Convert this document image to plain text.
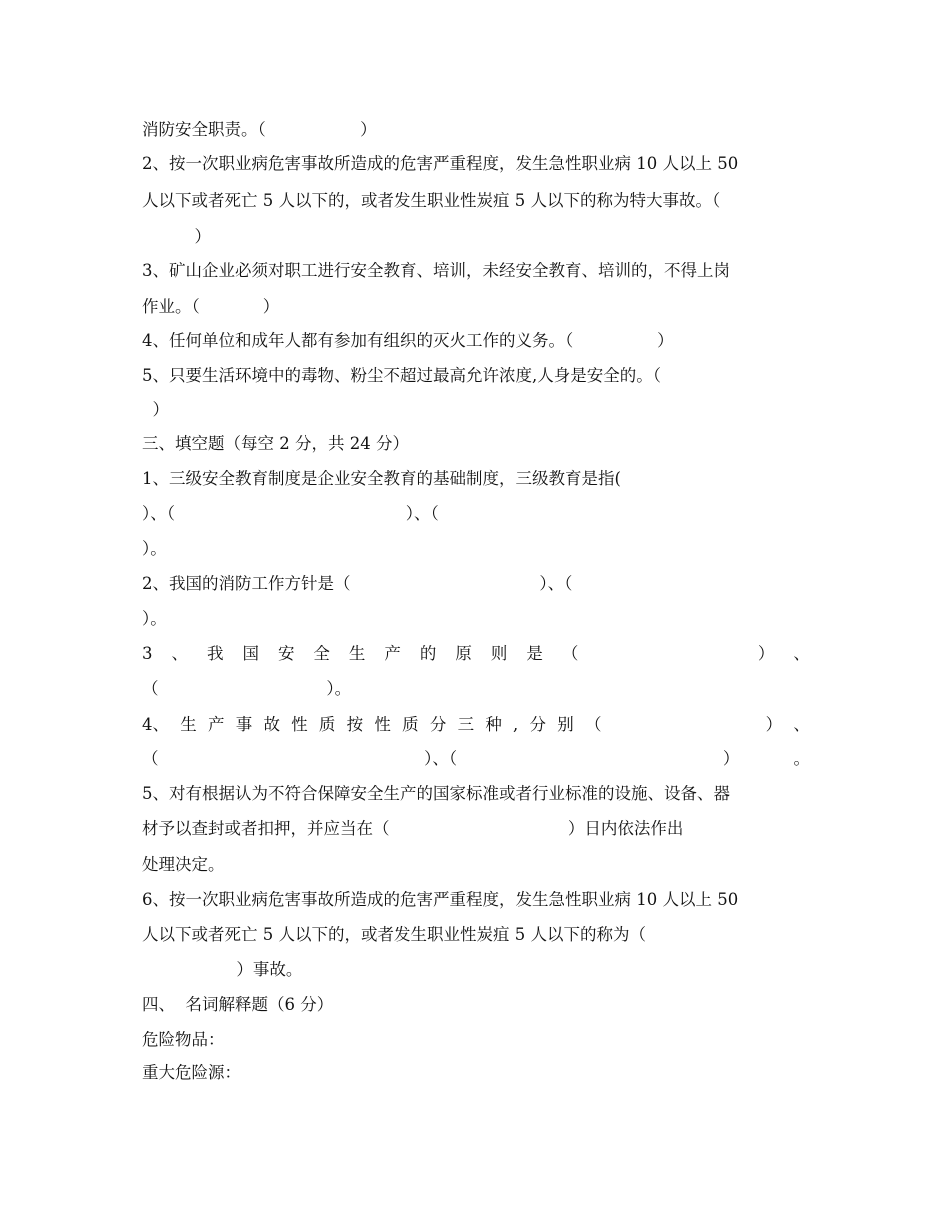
消防安全职责。（                  ）
2、按一次职业病危害事故所造成的危害严重程度，发生急性职业病 10 人以上 50
人以下或者死亡 5 人以下的，或者发生职业性炭疽 5 人以下的称为特大事故。（
）
3、矿山企业必须对职工进行安全教育、培训，未经安全教育、培训的，不得上岗
作业。（            ）
4、任何单位和成年人都有参加有组织的灭火工作的义务。（                ）
5、只要生活环境中的毒物、粉尘不超过最高允许浓度,人身是安全的。（
）
三、填空题（每空 2 分，共 24 分）
1、三级安全教育制度是企业安全教育的基础制度，三级教育是指(
）、（                                            ）、（
）。
2、我国的消防工作方针是（                                    ）、（
）。
3 、 我 国 安 全 生 产 的 原 则 是 （
	） 、
（                                ）。
4、 生 产 事 故 性 质 按 性 质 分 三 种 , 分 别 （
	） 、
（
	）、（
	）	。
5、对有根据认为不符合保障安全生产的国家标准或者行业标准的设施、设备、器
材予以查封或者扣押，并应当在（                                  ）日内依法作出
处理决定。
6、按一次职业病危害事故所造成的危害严重程度，发生急性职业病 10 人以上 50
人以下或者死亡 5 人以下的，或者发生职业性炭疽 5 人以下的称为（
）事故。
四、  名词解释题（6 分）
危险物品：
重大危险源：
